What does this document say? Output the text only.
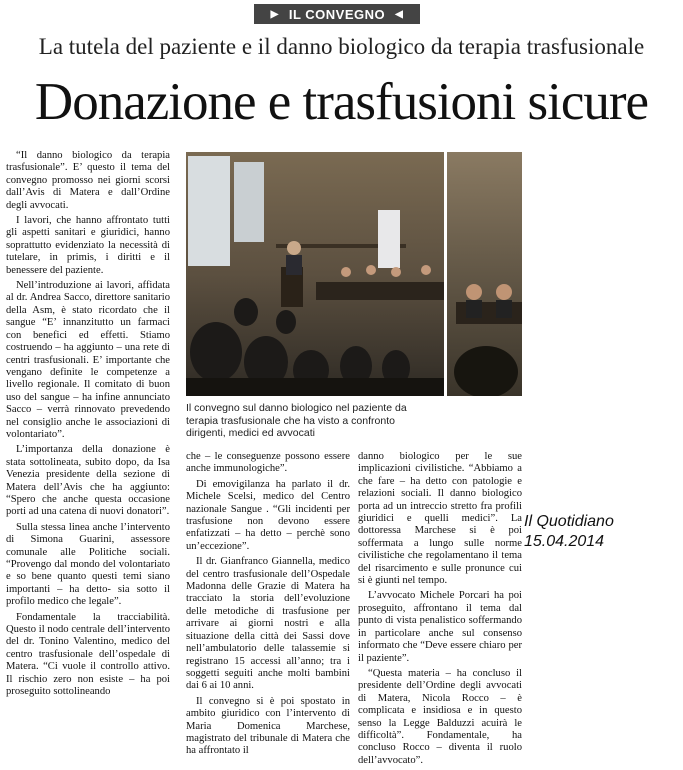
▶ IL CONVEGNO ◀
La tutela del paziente e il danno biologico da terapia trasfusionale
Donazione e trasfusioni sicure

“Il danno biologico da terapia trasfusionale”. E’ questo il tema del convegno promosso nei giorni scorsi dall’Avis di Matera e dall’Ordine degli avvocati.

I lavori, che hanno affrontato tutti gli aspetti sanitari e giuridici, hanno soprattutto evidenziato la necessità di tutelare, in primis, i diritti e il benessere del paziente.

Nell’introduzione ai lavori, affidata al dr. Andrea Sacco, direttore sanitario della Asm, è stato ricordato che il sangue “E’ innanzitutto un farmaci con benefici ed effetti. Stiamo costruendo – ha aggiunto – una rete di centri trasfusionali. E’ importante che vengano definite le competenze a livello regionale. Il comitato di buon uso del sangue – ha infine annunciato Sacco – verrà rinnovato prevedendo nel consiglio anche le associazioni di volontariato”.

L’importanza della donazione è stata sottolineata, subito dopo, da Isa Venezia presidente della sezione di Matera dell’Avis che ha aggiunto: “Spero che anche questa occasione porti ad una catena di nuovi donatori”.

Sulla stessa linea anche l’intervento di Simona Guarini, assessore comunale alle Politiche sociali. “Provengo dal mondo del volontariato e so bene quanto questi temi siano importanti – ha detto- sia sotto il profilo medico che legale”.

Fondamentale la tracciabilità. Questo il nodo centrale dell’intervento del dr. Tonino Valentino, medico del centro trasfusionale dell’ospedale di Matera. “Ci vuole il controllo attivo. Il rischio zero non esiste – ha poi proseguito sottolineando

Il convegno sul danno biologico nel paziente da terapia trasfusionale che ha visto a confronto dirigenti, medici ed avvocati

che – le conseguenze possono essere anche immunologiche”.

Di emovigilanza ha parlato il dr. Michele Scelsi, medico del Centro nazionale Sangue . “Gli incidenti per trasfusione non devono essere enfatizzati – ha detto – perchè sono un’eccezione”.

Il dr. Gianfranco Giannella, medico del centro trasfusionale dell’Ospedale Madonna delle Grazie di Matera ha tracciato la storia dell’evoluzione delle metodiche di trasfusione per arrivare ai giorni nostri e alla situazione della città dei Sassi dove nell’ambulatorio delle talassemie si registrano 15 accessi all’anno; tra i soggetti seguiti anche molti bambini dai 6 ai 10 anni.

Il convegno si è poi spostato in ambito giuridico con l’intervento di Maria Domenica Marchese, magistrato del tribunale di Matera che ha affrontato il

danno biologico per le sue implicazioni civilistiche. “Abbiamo a che fare – ha detto con patologie e relazioni sociali. Il danno biologico porta ad un intreccio stretto fra profili giuridici e quelli medici”. La dottoressa Marchese si è poi soffermata a lungo sulle norme civilistiche che regolamentano il tema del risarcimento e sulle pronunce cui si è giunti nel tempo.

L’avvocato Michele Porcari ha poi proseguito, affrontano il tema dal punto di vista penalistico soffermando in particolare anche sul consenso informato che “Deve essere chiaro per il paziente”.

“Questa materia – ha concluso il presidente dell’Ordine degli avvocati di Matera, Nicola Rocco – è complicata e insidiosa e in questo senso la Legge Balduzzi acuirà le difficoltà”. Fondamentale, ha concluso Rocco – diventa il ruolo dell’avvocato”.

Il Quotidiano
15.04.2014
